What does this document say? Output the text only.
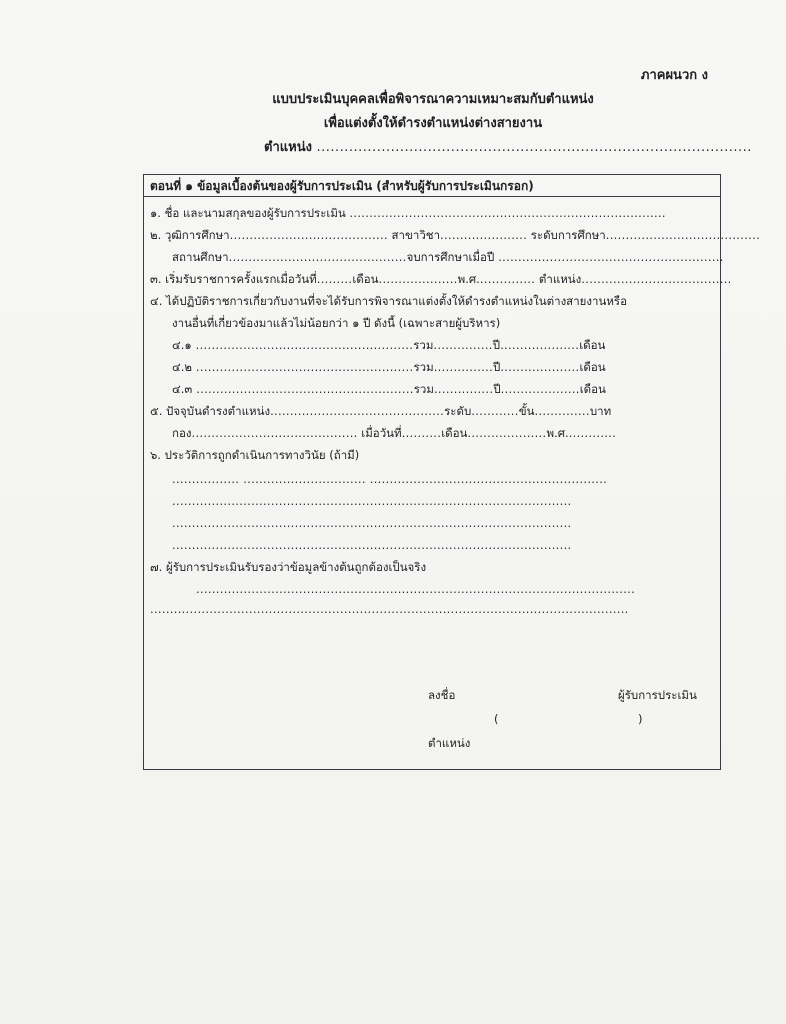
ภาคผนวก ง
แบบประเมินบุคคลเพื่อพิจารณาความเหมาะสมกับตำแหน่ง
เพื่อแต่งตั้งให้ดำรงตำแหน่งต่างสายงาน
ตำแหน่ง ..............................................................................................
ตอนที่ ๑ ข้อมูลเบื้องต้นของผู้รับการประเมิน (สำหรับผู้รับการประเมินกรอก)
๑. ชื่อ และนามสกุลของผู้รับการประเมิน ................................................................................
๒. วุฒิการศึกษา........................................ สาขาวิชา...................... ระดับการศึกษา.......................................
สถานศึกษา.............................................จบการศึกษาเมื่อปี .........................................................
๓. เริ่มรับราชการครั้งแรกเมื่อวันที่.........เดือน....................พ.ศ............... ตำแหน่ง......................................
๔. ได้ปฏิบัติราชการเกี่ยวกับงานที่จะได้รับการพิจารณาแต่งตั้งให้ดำรงตำแหน่งในต่างสายงานหรือ
งานอื่นที่เกี่ยวข้องมาแล้วไม่น้อยกว่า ๑ ปี ดังนี้ (เฉพาะสายผู้บริหาร)
๔.๑ .......................................................รวม...............ปี....................เดือน
๔.๒ .......................................................รวม...............ปี....................เดือน
๔.๓ .......................................................รวม...............ปี....................เดือน
๕. ปัจจุบันดำรงตำแหน่ง............................................ระดับ............ขั้น..............บาท
กอง.......................................... เมื่อวันที่..........เดือน....................พ.ศ.............
๖. ประวัติการถูกดำเนินการทางวินัย (ถ้ามี)
................. ............................... ............................................................
.....................................................................................................
.....................................................................................................
.....................................................................................................
๗. ผู้รับการประเมินรับรองว่าข้อมูลข้างต้นถูกต้องเป็นจริง
...............................................................................................................
.........................................................................................................................
ลงชื่อ	ผู้รับการประเมิน
(	)
ตำแหน่ง
